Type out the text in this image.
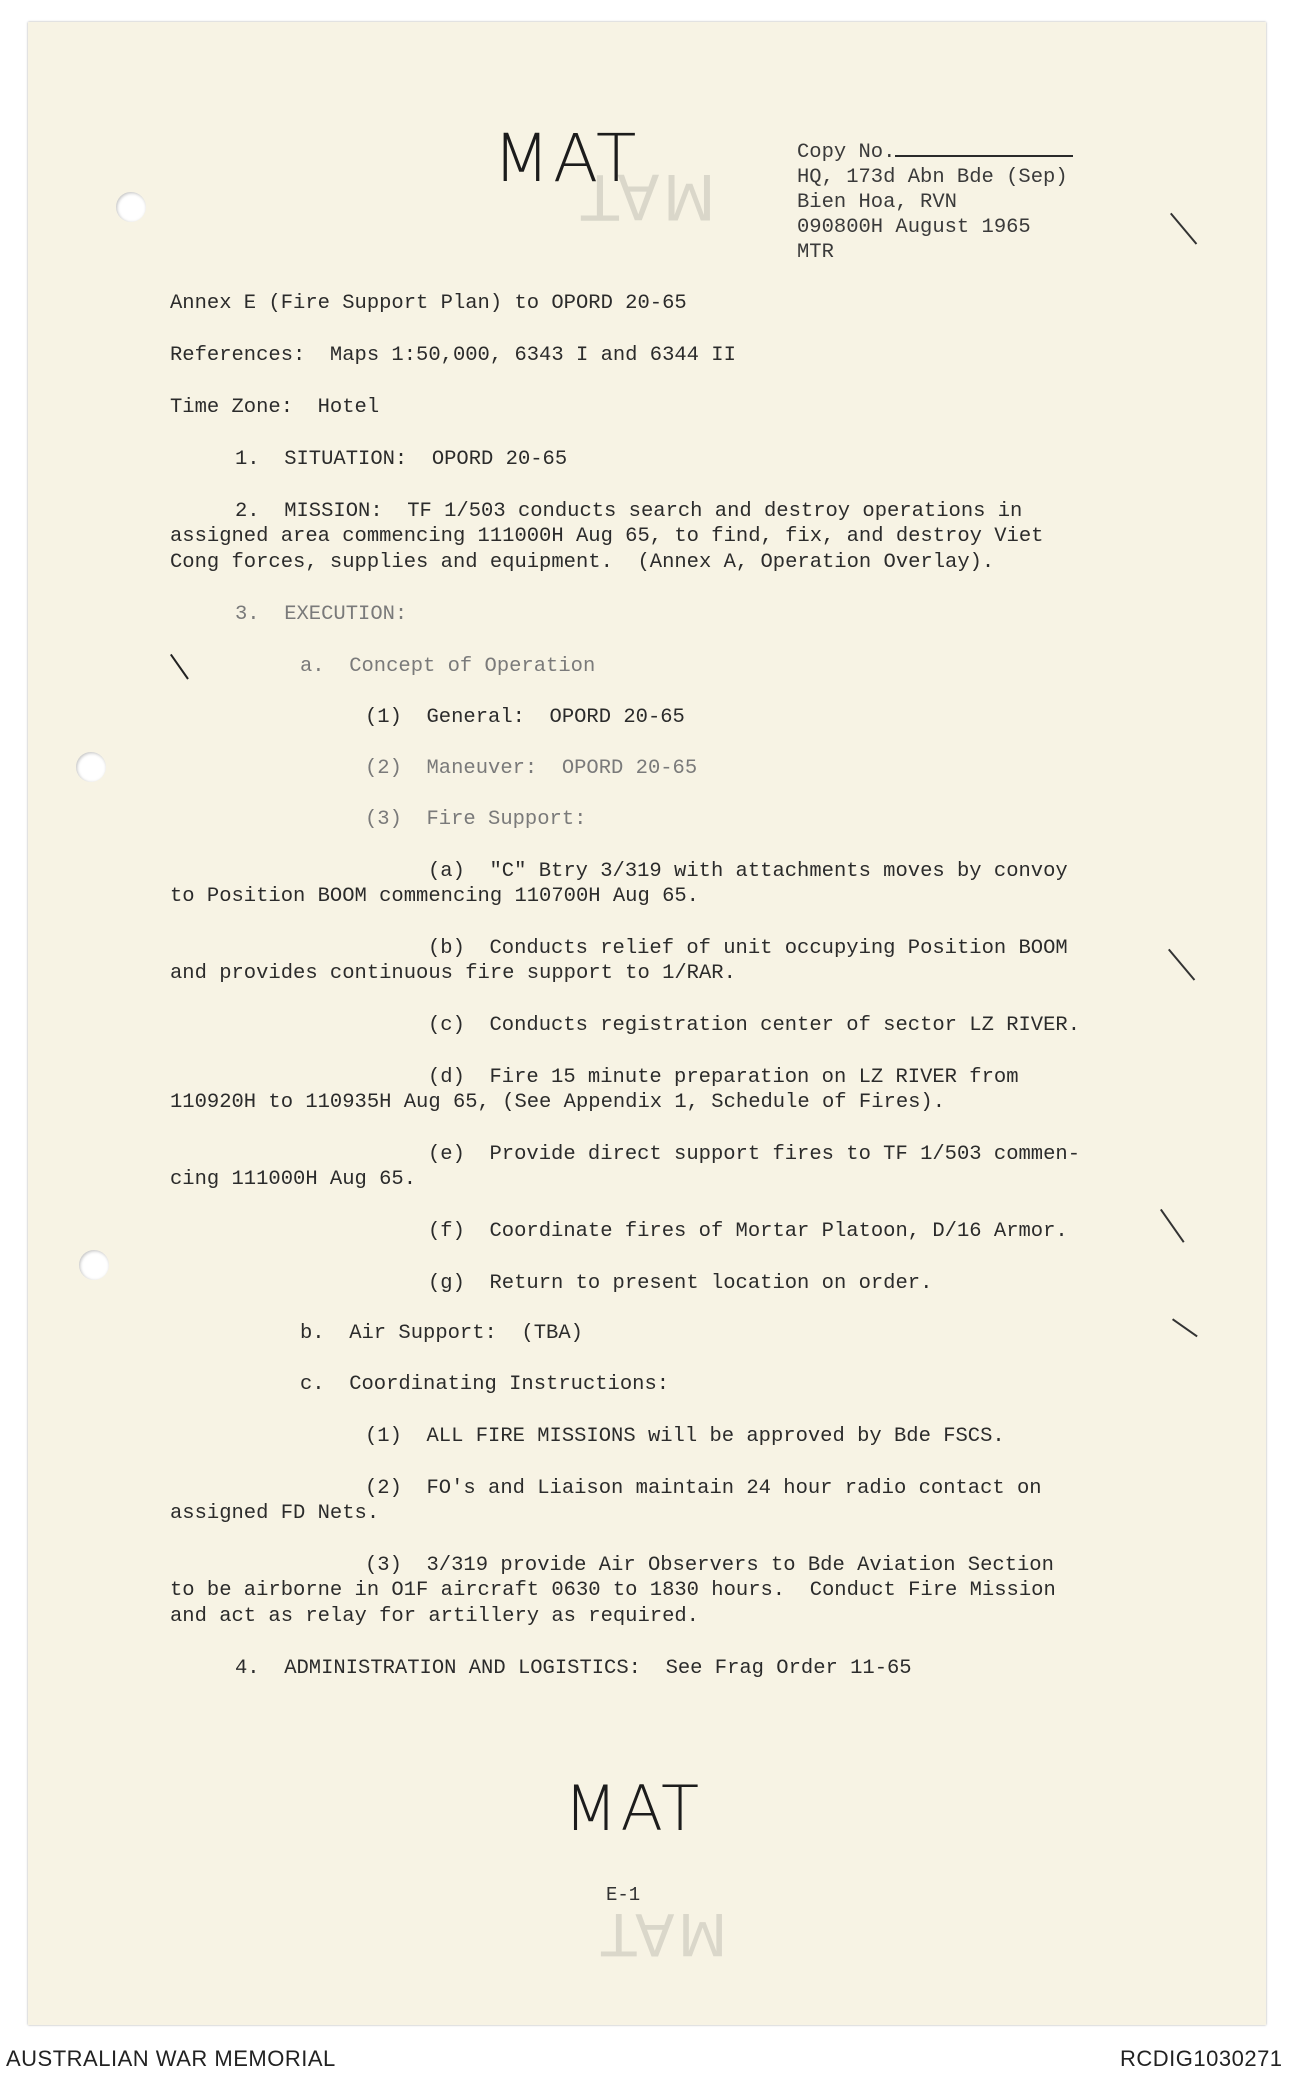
MAT
MAT
MAT
MAT
Copy No.
HQ, 173d Abn Bde (Sep)
Bien Hoa, RVN
090800H August 1965
MTR
Annex E (Fire Support Plan) to OPORD 20-65
References:  Maps 1:50,000, 6343 I and 6344 II
Time Zone:  Hotel
1.  SITUATION:  OPORD 20-65
2.  MISSION:  TF 1/503 conducts search and destroy operations in
assigned area commencing 111000H Aug 65, to find, fix, and destroy Viet
Cong forces, supplies and equipment.  (Annex A, Operation Overlay).
3.  EXECUTION:
a.  Concept of Operation
(1)  General:  OPORD 20-65
(2)  Maneuver:  OPORD 20-65
(3)  Fire Support:
(a)  "C" Btry 3/319 with attachments moves by convoy
to Position BOOM commencing 110700H Aug 65.
(b)  Conducts relief of unit occupying Position BOOM
and provides continuous fire support to 1/RAR.
(c)  Conducts registration center of sector LZ RIVER.
(d)  Fire 15 minute preparation on LZ RIVER from
110920H to 110935H Aug 65, (See Appendix 1, Schedule of Fires).
(e)  Provide direct support fires to TF 1/503 commen-
cing 111000H Aug 65.
(f)  Coordinate fires of Mortar Platoon, D/16 Armor.
(g)  Return to present location on order.
b.  Air Support:  (TBA)
c.  Coordinating Instructions:
(1)  ALL FIRE MISSIONS will be approved by Bde FSCS.
(2)  FO's and Liaison maintain 24 hour radio contact on
assigned FD Nets.
(3)  3/319 provide Air Observers to Bde Aviation Section
to be airborne in O1F aircraft 0630 to 1830 hours.  Conduct Fire Mission
and act as relay for artillery as required.
4.  ADMINISTRATION AND LOGISTICS:  See Frag Order 11-65
E-1
AUSTRALIAN WAR MEMORIAL	RCDIG1030271
